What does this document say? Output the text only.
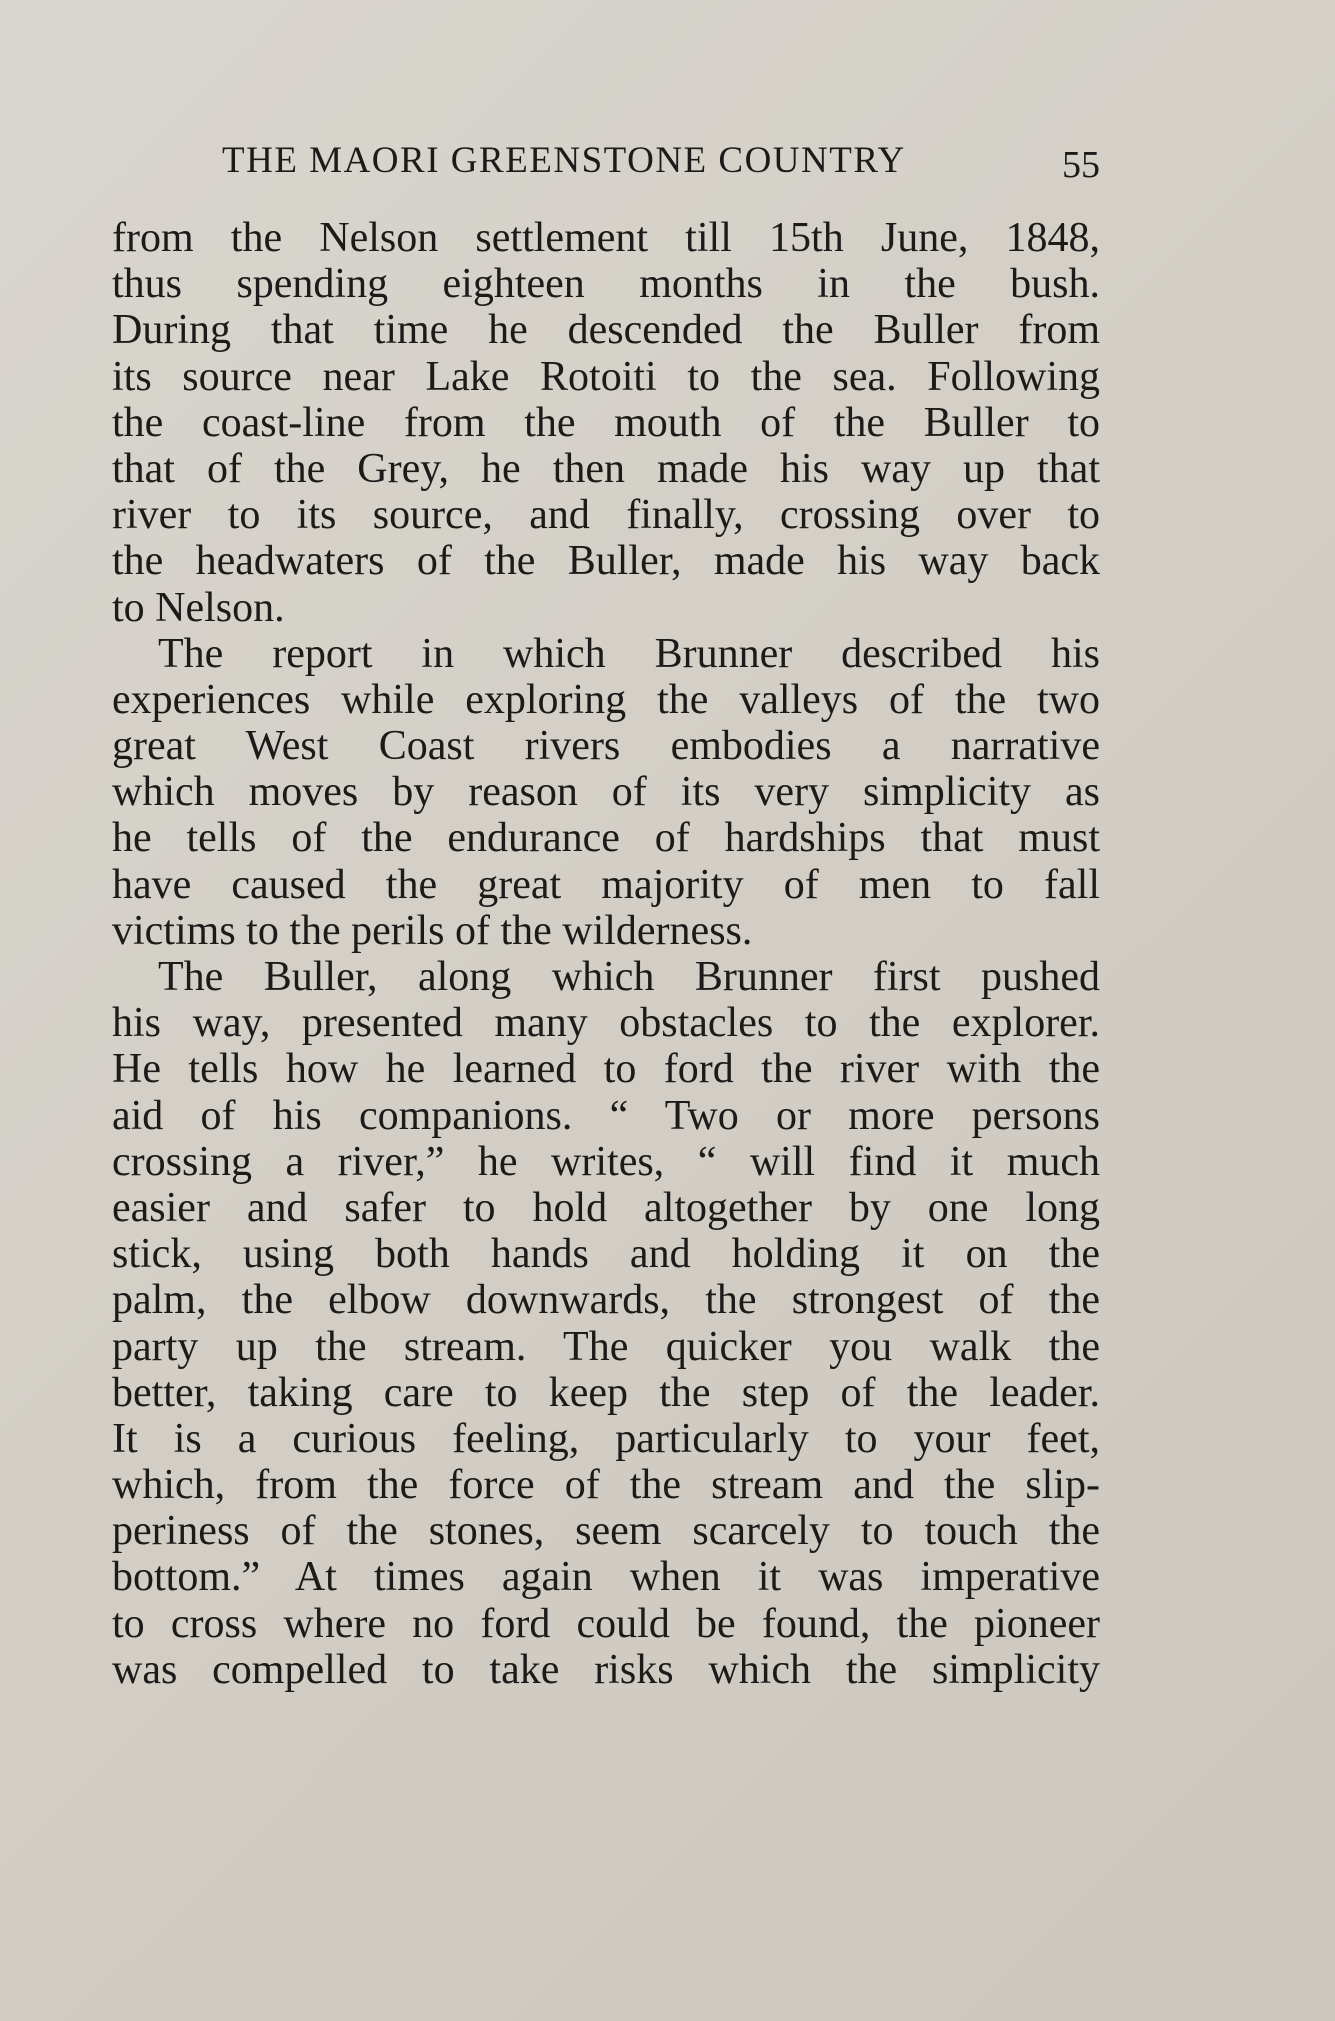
THE MAORI GREENSTONE COUNTRY	55
from the Nelson settlement till 15th June, 1848,
thus spending eighteen months in the bush.
During that time he descended the Buller from
its source near Lake Rotoiti to the sea. Following
the coast-line from the mouth of the Buller to
that of the Grey, he then made his way up that
river to its source, and finally, crossing over to
the headwaters of the Buller, made his way back
to Nelson.
The report in which Brunner described his
experiences while exploring the valleys of the two
great West Coast rivers embodies a narrative
which moves by reason of its very simplicity as
he tells of the endurance of hardships that must
have caused the great majority of men to fall
victims to the perils of the wilderness.
The Buller, along which Brunner first pushed
his way, presented many obstacles to the explorer.
He tells how he learned to ford the river with the
aid of his companions. “ Two or more persons
crossing a river,” he writes, “ will find it much
easier and safer to hold altogether by one long
stick, using both hands and holding it on the
palm, the elbow downwards, the strongest of the
party up the stream. The quicker you walk the
better, taking care to keep the step of the leader.
It is a curious feeling, particularly to your feet,
which, from the force of the stream and the slip-
periness of the stones, seem scarcely to touch the
bottom.” At times again when it was imperative
to cross where no ford could be found, the pioneer
was compelled to take risks which the simplicity
